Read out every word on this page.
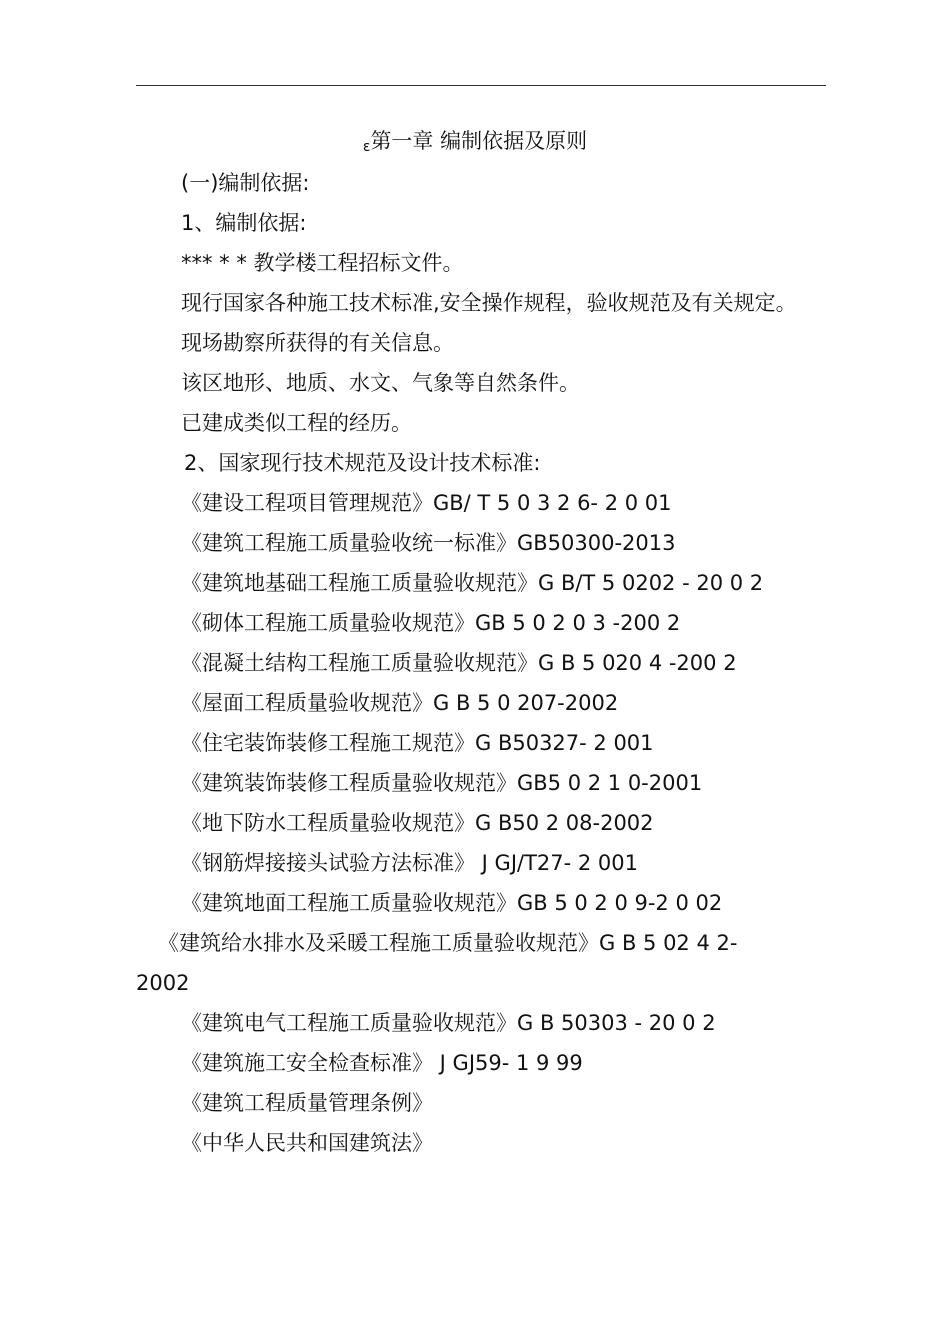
ε第一章 编制依据及原则

(一)编制依据:

1、编制依据:

*** * * 教学楼工程招标文件。

现行国家各种施工技术标准,安全操作规程，验收规范及有关规定。

现场勘察所获得的有关信息。

该区地形、地质、水文、气象等自然条件。

已建成类似工程的经历。

2、国家现行技术规范及设计技术标准:

《建设工程项目管理规范》GB/ T 5 0 3 2 6- 2 0 01

《建筑工程施工质量验收统一标准》GB50300-2013

《建筑地基础工程施工质量验收规范》G B/T 5 0202 - 20 0 2

《砌体工程施工质量验收规范》GB 5 0 2 0 3 -200 2

《混凝土结构工程施工质量验收规范》G B 5 020 4 -200 2

《屋面工程质量验收规范》G B 5 0 207-2002

《住宅装饰装修工程施工规范》G B50327- 2 001

《建筑装饰装修工程质量验收规范》GB5 0 2 1 0-2001

《地下防水工程质量验收规范》G B50 2 08-2002

《钢筋焊接接头试验方法标准》 J GJ/T27- 2 001

《建筑地面工程施工质量验收规范》GB 5 0 2 0 9-2 0 02

《建筑给水排水及采暖工程施工质量验收规范》G B 5 02 4 2-

2002

《建筑电气工程施工质量验收规范》G B 50303 - 20 0 2

《建筑施工安全检查标准》 J GJ59- 1 9 99

《建筑工程质量管理条例》

《中华人民共和国建筑法》
